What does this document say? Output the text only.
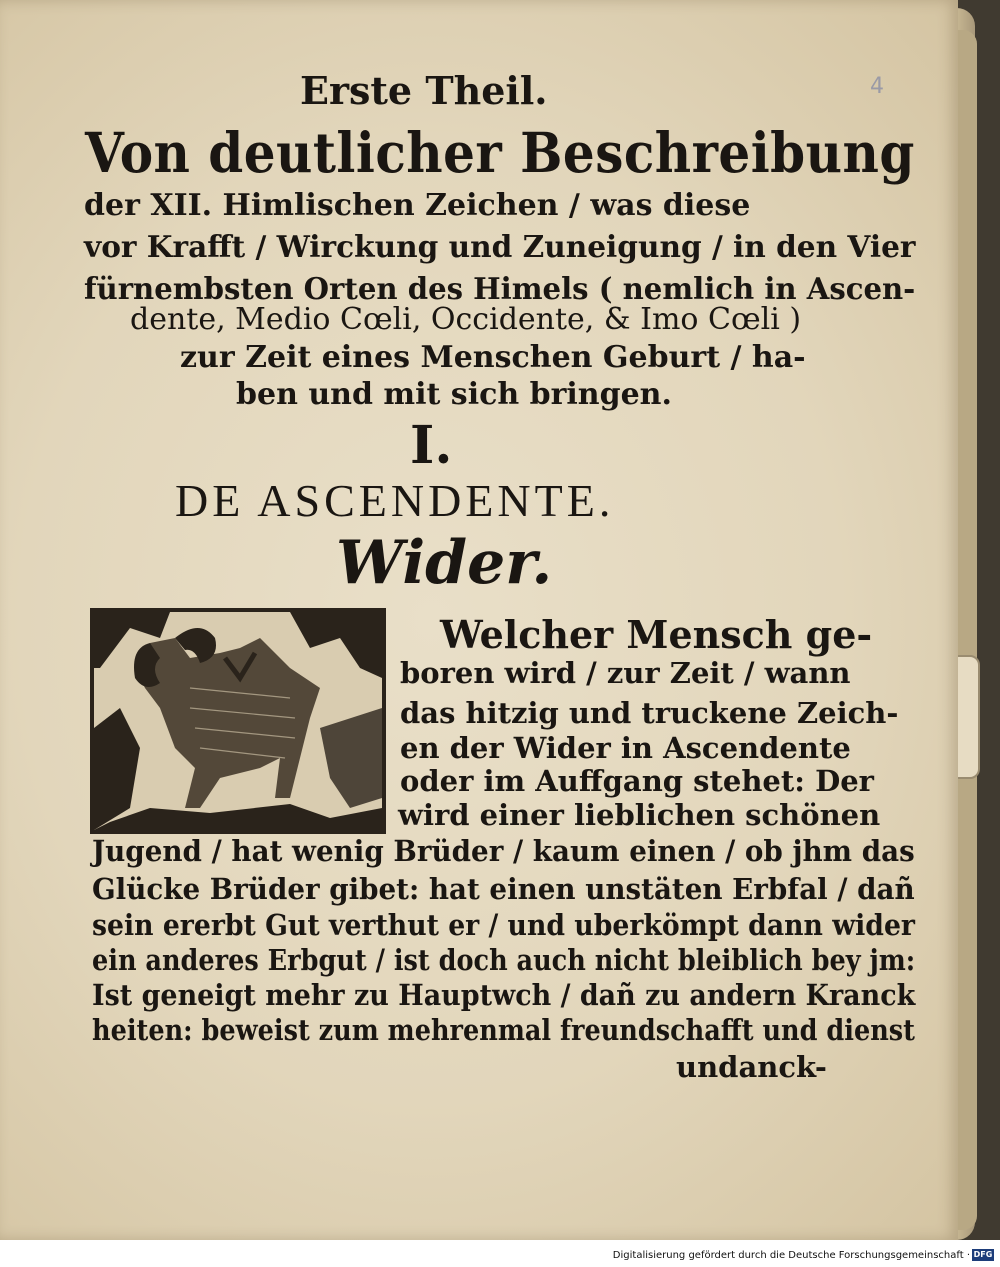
4
Erste Theil.
Von deutlicher Beschreibung
der XII. Himlischen Zeichen / was diese
vor Krafft / Wirckung und Zuneigung / in den Vier
fürnembsten Orten des Himels ( nemlich in Ascen-
dente, Medio Cœli, Occidente, & Imo Cœli )
zur Zeit eines Menschen Geburt / ha-
ben und mit sich bringen.
I.
DE ASCENDENTE.
Wider.
Welcher Mensch ge-
boren wird / zur Zeit / wann
das hitzig und truckene Zeich-
en der Wider in Ascendente
oder im Auffgang stehet: Der
wird einer lieblichen schönen
Jugend / hat wenig Brüder / kaum einen / ob jhm das
Glücke Brüder gibet: hat einen unstäten Erbfal / dañ
sein ererbt Gut verthut er / und uberkömpt dann wider
ein anderes Erbgut / ist doch auch nicht bleiblich bey jm:
Ist geneigt mehr zu Hauptwch / dañ zu andern Kranck
heiten: beweist zum mehrenmal freundschafft und dienst
undanck-
Digitalisierung gefördert durch die Deutsche Forschungsgemeinschaft · DFG
